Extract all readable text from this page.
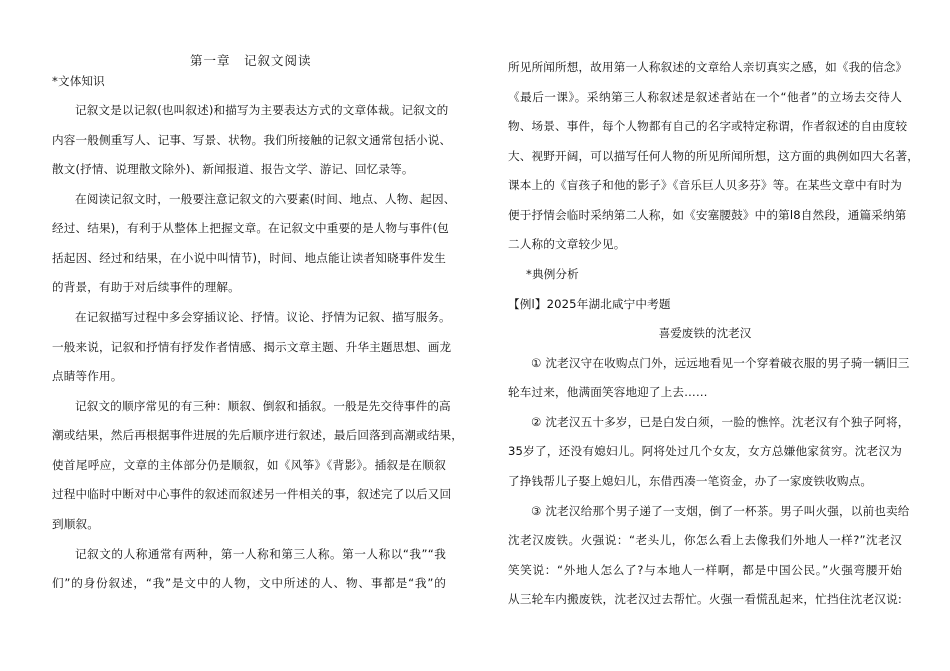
第一章　记叙文阅读
*文体知识
记叙文是以记叙(也叫叙述)和描写为主要表达方式的文章体裁。记叙文的
内容一般侧重写人、记事、写景、状物。我们所接触的记叙文通常包括小说、
散文(抒情、说理散文除外)、新闻报道、报告文学、游记、回忆录等。
在阅读记叙文时，一般要注意记叙文的六要素(时间、地点、人物、起因、
经过、结果)，有利于从整体上把握文章。在记叙文中重要的是人物与事件(包
括起因、经过和结果，在小说中叫情节)，时间、地点能让读者知晓事件发生
的背景，有助于对后续事件的理解。
在记叙描写过程中多会穿插议论、抒情。议论、抒情为记叙、描写服务。
一般来说，记叙和抒情有抒发作者情感、揭示文章主题、升华主题思想、画龙
点睛等作用。
记叙文的顺序常见的有三种：顺叙、倒叙和插叙。一般是先交待事件的高
潮或结果，然后再根据事件进展的先后顺序进行叙述，最后回落到高潮或结果，
使首尾呼应，文章的主体部分仍是顺叙，如《风筝》《背影》。插叙是在顺叙
过程中临时中断对中心事件的叙述而叙述另一件相关的事，叙述完了以后又回
到顺叙。
记叙文的人称通常有两种，第一人称和第三人称。第一人称以“我”“我
们”的身份叙述，“我”是文中的人物，文中所述的人、物、事都是“我”的
所见所闻所想，故用第一人称叙述的文章给人亲切真实之感，如《我的信念》
《最后一课》。采纳第三人称叙述是叙述者站在一个“他者”的立场去交待人
物、场景、事件，每个人物都有自己的名字或特定称谓，作者叙述的自由度较
大、视野开阔，可以描写任何人物的所见所闻所想，这方面的典例如四大名著，
课本上的《盲孩子和他的影子》《音乐巨人贝多芬》等。在某些文章中有时为
便于抒情会临时采纳第二人称，如《安塞腰鼓》中的第l8自然段，通篇采纳第
二人称的文章较少见。
*典例分析
【例l】2025年湖北咸宁中考题
喜爱废铁的沈老汉
① 沈老汉守在收购点门外，远远地看见一个穿着破衣服的男子骑一辆旧三
轮车过来，他满面笑容地迎了上去……
② 沈老汉五十多岁，已是白发白须，一脸的憔悴。沈老汉有个独子阿将，
35岁了，还没有媳妇儿。阿将处过几个女友，女方总嫌他家贫穷。沈老汉为
了挣钱帮儿子娶上媳妇儿，东借西凑一笔资金，办了一家废铁收购点。
③ 沈老汉给那个男子递了一支烟，倒了一杯茶。男子叫火强，以前也卖给
沈老汉废铁。火强说：“老头儿，你怎么看上去像我们外地人一样?”沈老汉
笑笑说：“外地人怎么了?与本地人一样啊，都是中国公民。”火强弯腰开始
从三轮车内搬废铁，沈老汉过去帮忙。火强一看慌乱起来，忙挡住沈老汉说:
